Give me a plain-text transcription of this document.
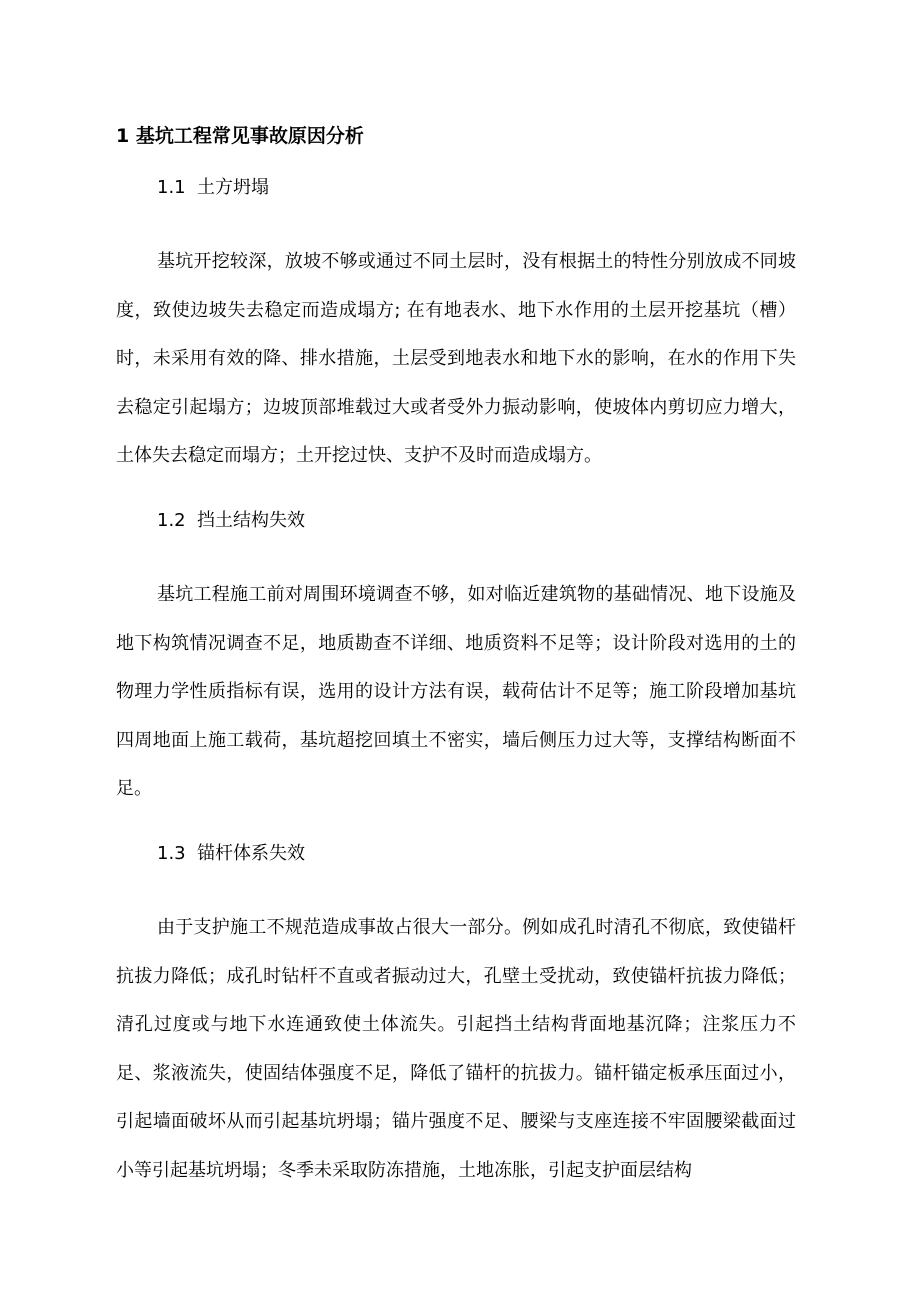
1 基坑工程常见事故原因分析
1.1 土方坍塌

基坑开挖较深，放坡不够或通过不同土层时，没有根据土的特性分别放成不同坡度，致使边坡失去稳定而造成塌方; 在有地表水、地下水作用的土层开挖基坑（槽）时，未采用有效的降、排水措施，土层受到地表水和地下水的影响，在水的作用下失去稳定引起塌方；边坡顶部堆载过大或者受外力振动影响，使坡体内剪切应力增大，土体失去稳定而塌方；土开挖过快、支护不及时而造成塌方。

1.2 挡土结构失效

基坑工程施工前对周围环境调查不够，如对临近建筑物的基础情况、地下设施及地下构筑情况调查不足，地质勘查不详细、地质资料不足等；设计阶段对选用的土的物理力学性质指标有误，选用的设计方法有误，载荷估计不足等；施工阶段增加基坑四周地面上施工载荷，基坑超挖回填土不密实，墙后侧压力过大等，支撑结构断面不足。

1.3 锚杆体系失效

由于支护施工不规范造成事故占很大一部分。例如成孔时清孔不彻底，致使锚杆抗拔力降低；成孔时钻杆不直或者振动过大，孔壁土受扰动，致使锚杆抗拔力降低；清孔过度或与地下水连通致使土体流失。引起挡土结构背面地基沉降；注浆压力不足、浆液流失，使固结体强度不足，降低了锚杆的抗拔力。锚杆锚定板承压面过小，引起墙面破坏从而引起基坑坍塌；锚片强度不足、腰梁与支座连接不牢固腰梁截面过小等引起基坑坍塌；冬季未采取防冻措施，土地冻胀，引起支护面层结构
